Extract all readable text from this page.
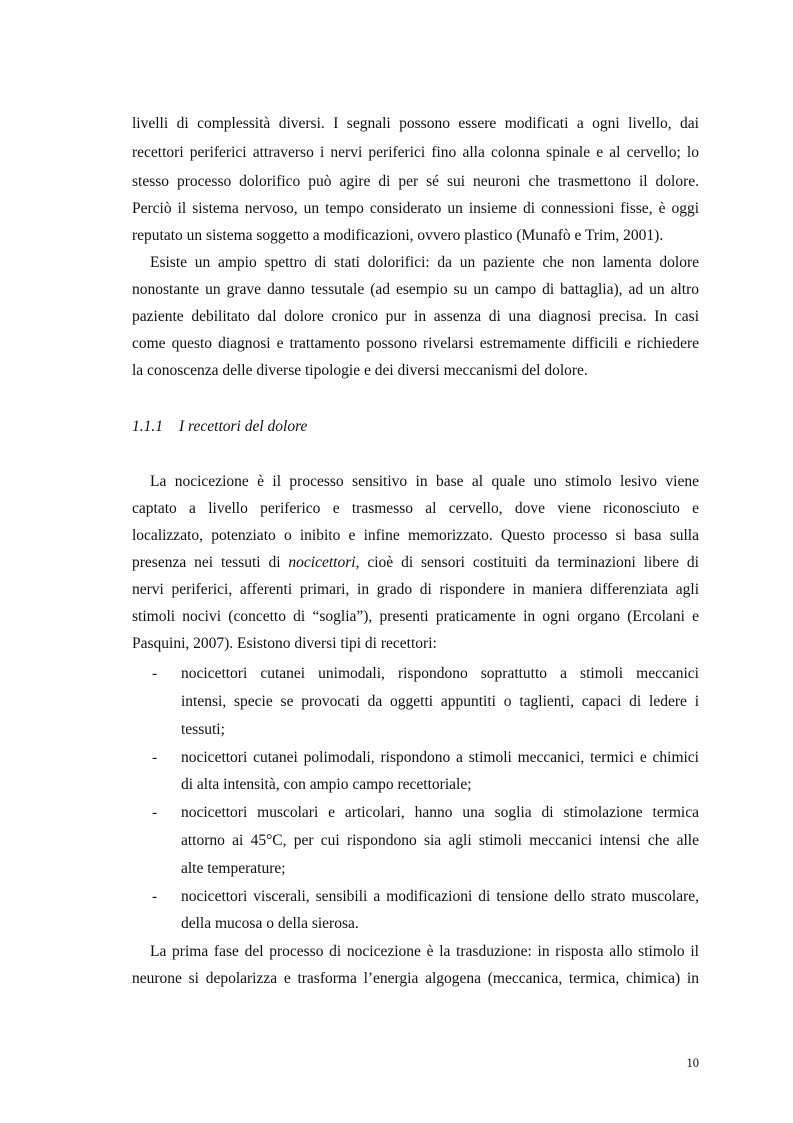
livelli di complessità diversi. I segnali possono essere modificati a ogni livello, dai
recettori periferici attraverso i nervi periferici fino alla colonna spinale e al cervello; lo
stesso processo dolorifico può agire di per sé sui neuroni che trasmettono il dolore.
Perciò il sistema nervoso, un tempo considerato un insieme di connessioni fisse, è oggi
reputato un sistema soggetto a modificazioni, ovvero plastico (Munafò e Trim, 2001).
Esiste un ampio spettro di stati dolorifici: da un paziente che non lamenta dolore
nonostante un grave danno tessutale (ad esempio su un campo di battaglia), ad un altro
paziente debilitato dal dolore cronico pur in assenza di una diagnosi precisa. In casi
come questo diagnosi e trattamento possono rivelarsi estremamente difficili e richiedere
la conoscenza delle diverse tipologie e dei diversi meccanismi del dolore.
1.1.1 I recettori del dolore
La nocicezione è il processo sensitivo in base al quale uno stimolo lesivo viene
captato a livello periferico e trasmesso al cervello, dove viene riconosciuto e
localizzato, potenziato o inibito e infine memorizzato. Questo processo si basa sulla
presenza nei tessuti di nocicettori, cioè di sensori costituiti da terminazioni libere di
nervi periferici, afferenti primari, in grado di rispondere in maniera differenziata agli
stimoli nocivi (concetto di “soglia”), presenti praticamente in ogni organo (Ercolani e
Pasquini, 2007). Esistono diversi tipi di recettori:
- nocicettori cutanei unimodali, rispondono soprattutto a stimoli meccanici
intensi, specie se provocati da oggetti appuntiti o taglienti, capaci di ledere i
tessuti;
- nocicettori cutanei polimodali, rispondono a stimoli meccanici, termici e chimici
di alta intensità, con ampio campo recettoriale;
- nocicettori muscolari e articolari, hanno una soglia di stimolazione termica
attorno ai 45°C, per cui rispondono sia agli stimoli meccanici intensi che alle
alte temperature;
- nocicettori viscerali, sensibili a modificazioni di tensione dello strato muscolare,
della mucosa o della sierosa.
La prima fase del processo di nocicezione è la trasduzione: in risposta allo stimolo il
neurone si depolarizza e trasforma l’energia algogena (meccanica, termica, chimica) in
10
